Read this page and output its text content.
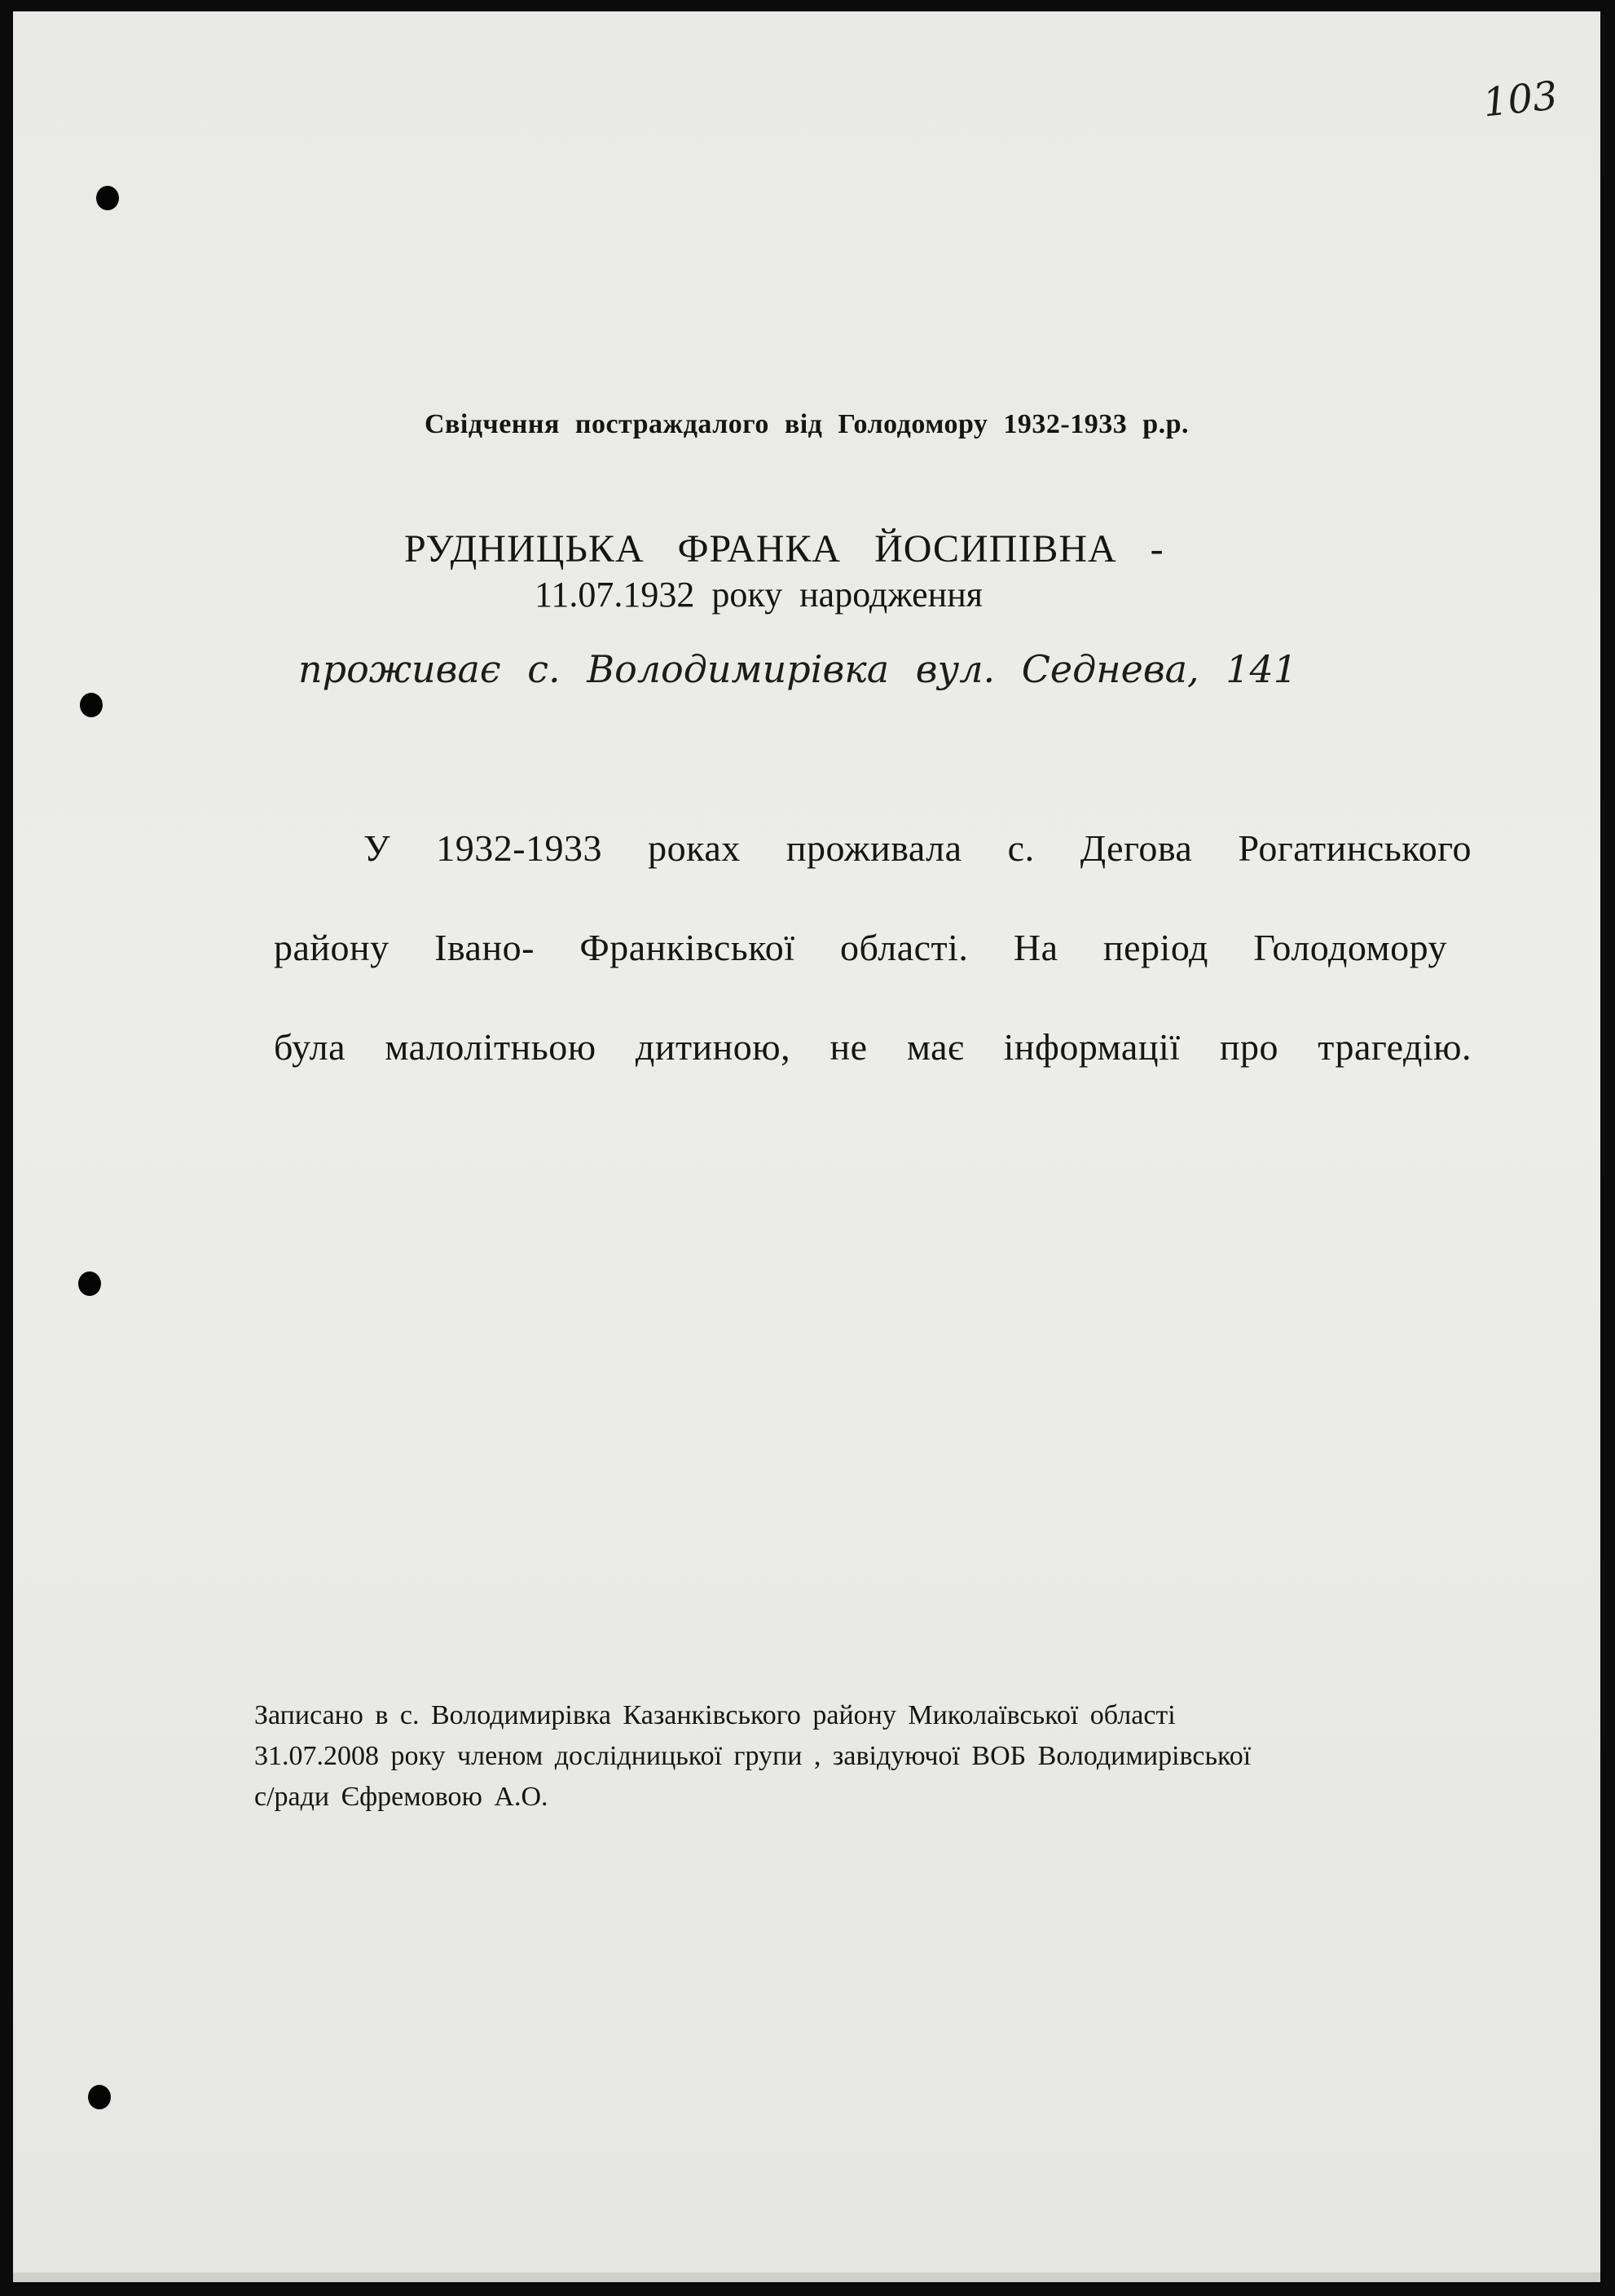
103
Свідчення постраждалого від Голодомору 1932-1933 р.р.
РУДНИЦЬКА ФРАНКА ЙОСИПІВНА -
11.07.1932 року народження
проживає с. Володимирівка вул. Седнева, 141
У 1932-1933 роках проживала с. Дегова Рогатинського
району Івано- Франківської області. На період Голодомору
була малолітньою дитиною, не має інформації про трагедію.
Записано в с. Володимирівка Казанківського району Миколаївської області
31.07.2008 року членом дослідницької групи , завідуючої ВОБ Володимирівської
с/ради Єфремовою А.О.
